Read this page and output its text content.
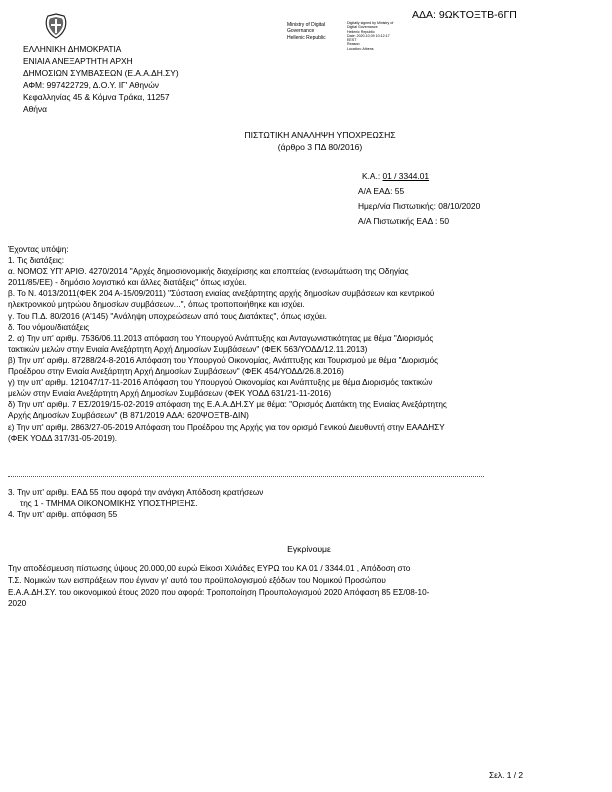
ΕΛΛΗΝΙΚΗ ΔΗΜΟΚΡΑΤΙΑ
ΕΝΙΑΙΑ ΑΝΕΞΑΡΤΗΤΗ ΑΡΧΗ
ΔΗΜΟΣΙΩΝ ΣΥΜΒΑΣΕΩΝ (Ε.Α.Α.ΔΗ.ΣΥ)
ΑΦΜ: 997422729, Δ.Ο.Υ. ΙΓ' Αθηνών
Κεφαλληνίας 45 & Κόμνα Τράκα, 11257
Αθήνα
Ministry of Digital
Governance
Hellenic Republic
Digitally signed by Ministry of
Digital Governance
Hellenic Republic
Date: 2020.10.09 10:12:17
EEST
Reason:
Location: Athens
ΑΔΑ: 9ΩΚΤΟΞΤΒ-6ΓΠ
ΠΙΣΤΩΤΙΚΗ ΑΝΑΛΗΨΗ ΥΠΟΧΡΕΩΣΗΣ
(άρθρο 3 ΠΔ 80/2016)
Κ.Α.: 01 / 3344.01
Α/Α ΕΑΔ: 55
Ημερ/νία Πιστωτικής: 08/10/2020
Α/Α Πιστωτικής ΕΑΔ : 50
Έχοντας υπόψη:
1. Τις διατάξεις:
α. ΝΟΜΟΣ ΥΠ' ΑΡΙΘ. 4270/2014 "Αρχές δημοσιονομικής διαχείρισης και εποπτείας (ενσωμάτωση της Οδηγίας
2011/85/ΕΕ) - δημόσιο λογιστικό και άλλες διατάξεις" όπως ισχύει.
β. Το Ν. 4013/2011(ΦΕΚ 204 Α-15/09/2011) "Σύσταση ενιαίας ανεξάρτητης αρχής δημοσίων συμβάσεων και κεντρικού
ηλεκτρονικού μητρώου δημοσίων συμβάσεων...", όπως τροποποιήθηκε και ισχύει.
γ. Του Π.Δ. 80/2016 (Α'145) "Ανάληψη υποχρεώσεων από τους Διατάκτες", όπως ισχύει.
δ. Του νόμου/διατάξεις
2. α) Την υπ' αριθμ. 7536/06.11.2013 απόφαση του Υπουργού Ανάπτυξης και Ανταγωνιστικότητας με θέμα "Διορισμός
τακτικών μελών στην Ενιαία Ανεξάρτητη Αρχή Δημοσίων Συμβάσεων" (ΦΕΚ 563/ΥΟΔΔ/12.11.2013)
β) Την υπ' αριθμ. 87288/24-8-2016 Απόφαση του Υπουργού Οικονομίας, Ανάπτυξης και Τουρισμού με θέμα "Διορισμός
Προέδρου στην Ενιαία Ανεξάρτητη Αρχή Δημοσίων Συμβάσεων" (ΦΕΚ 454/ΥΟΔΔ/26.8.2016)
γ) την υπ' αριθμ. 121047/17-11-2016 Απόφαση του Υπουργού Οικονομίας και Ανάπτυξης με θέμα Διορισμός τακτικών
μελών στην Ενιαία Ανεξάρτητη Αρχή Δημοσίων Συμβάσεων (ΦΕΚ ΥΟΔΔ 631/21-11-2016)
δ) Την υπ' αριθμ. 7 ΕΣ/2019/15-02-2019 απόφαση της Ε.Α.Α.ΔΗ.ΣΥ με θέμα: "Ορισμός Διατάκτη της Ενιαίας Ανεξάρτητης
Αρχής Δημοσίων Συμβάσεων" (Β 871/2019 ΑΔΑ: 620ΨΟΞΤΒ-ΔΙΝ)
ε) Την υπ' αριθμ. 2863/27-05-2019 Απόφαση του Προέδρου της Αρχής για τον ορισμό Γενικού Διευθυντή στην ΕΑΑΔΗΣΥ
(ΦΕΚ ΥΟΔΔ 317/31-05-2019).
3. Την υπ' αριθμ. ΕΑΔ 55 που αφορά την ανάγκη Απόδοση κρατήσεων
της 1 - ΤΜΗΜΑ ΟΙΚΟΝΟΜΙΚΗΣ ΥΠΟΣΤΗΡΙΞΗΣ.
4. Την υπ' αριθμ. απόφαση 55
Εγκρίνουμε
Την αποδέσμευση πίστωσης ύψους 20.000,00 ευρώ Είκοσι Χιλιάδες ΕΥΡΩ του ΚΑ 01 / 3344.01 , Απόδοση στο
Τ.Σ. Νομικών των εισπράξεων που έγιναν γι' αυτό του προϋπολογισμού εξόδων του Νομικού Προσώπου
Ε.Α.Α.ΔΗ.ΣΥ. του οικονομικού έτους 2020 που αφορά: Τροποποίηση Προυπολογισμού 2020 Απόφαση 85 ΕΣ/08-10-
2020
Σελ. 1 / 2
